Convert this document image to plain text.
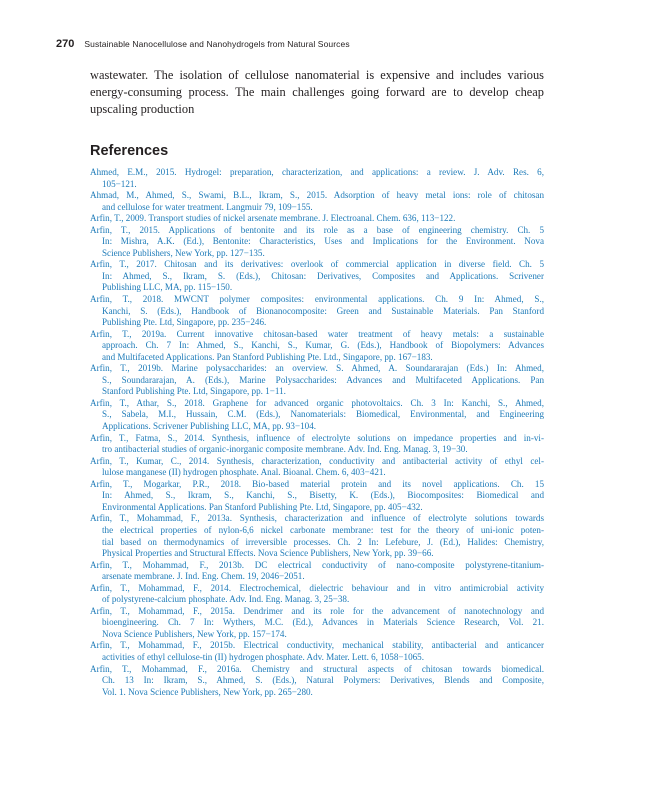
270 Sustainable Nanocellulose and Nanohydrogels from Natural Sources
wastewater. The isolation of cellulose nanomaterial is expensive and includes various
energy-consuming process. The main challenges going forward are to develop cheap
upscaling production
References
Ahmed, E.M., 2015. Hydrogel: preparation, characterization, and applications: a review. J. Adv. Res. 6,
105−121.
Ahmad, M., Ahmed, S., Swami, B.L., Ikram, S., 2015. Adsorption of heavy metal ions: role of chitosan
and cellulose for water treatment. Langmuir 79, 109−155.
Arfin, T., 2009. Transport studies of nickel arsenate membrane. J. Electroanal. Chem. 636, 113−122.
Arfin, T., 2015. Applications of bentonite and its role as a base of engineering chemistry. Ch. 5
In: Mishra, A.K. (Ed.), Bentonite: Characteristics, Uses and Implications for the Environment. Nova
Science Publishers, New York, pp. 127−135.
Arfin, T., 2017. Chitosan and its derivatives: overlook of commercial application in diverse field. Ch. 5
In: Ahmed, S., Ikram, S. (Eds.), Chitosan: Derivatives, Composites and Applications. Scrivener
Publishing LLC, MA, pp. 115−150.
Arfin, T., 2018. MWCNT polymer composites: environmental applications. Ch. 9 In: Ahmed, S.,
Kanchi, S. (Eds.), Handbook of Bionanocomposite: Green and Sustainable Materials. Pan Stanford
Publishing Pte. Ltd, Singapore, pp. 235−246.
Arfin, T., 2019a. Current innovative chitosan-based water treatment of heavy metals: a sustainable
approach. Ch. 7 In: Ahmed, S., Kanchi, S., Kumar, G. (Eds.), Handbook of Biopolymers: Advances
and Multifaceted Applications. Pan Stanford Publishing Pte. Ltd., Singapore, pp. 167−183.
Arfin, T., 2019b. Marine polysaccharides: an overview. S. Ahmed, A. Soundararajan (Eds.) In: Ahmed,
S., Soundararajan, A. (Eds.), Marine Polysaccharides: Advances and Multifaceted Applications. Pan
Stanford Publishing Pte. Ltd, Singapore, pp. 1−11.
Arfin, T., Athar, S., 2018. Graphene for advanced organic photovoltaics. Ch. 3 In: Kanchi, S., Ahmed,
S., Sabela, M.I., Hussain, C.M. (Eds.), Nanomaterials: Biomedical, Environmental, and Engineering
Applications. Scrivener Publishing LLC, MA, pp. 93−104.
Arfin, T., Fatma, S., 2014. Synthesis, influence of electrolyte solutions on impedance properties and in-vi-
tro antibacterial studies of organic-inorganic composite membrane. Adv. Ind. Eng. Manag. 3, 19−30.
Arfin, T., Kumar, C., 2014. Synthesis, characterization, conductivity and antibacterial activity of ethyl cel-
lulose manganese (II) hydrogen phosphate. Anal. Bioanal. Chem. 6, 403−421.
Arfin, T., Mogarkar, P.R., 2018. Bio-based material protein and its novel applications. Ch. 15
In: Ahmed, S., Ikram, S., Kanchi, S., Bisetty, K. (Eds.), Biocomposites: Biomedical and
Environmental Applications. Pan Stanford Publishing Pte. Ltd, Singapore, pp. 405−432.
Arfin, T., Mohammad, F., 2013a. Synthesis, characterization and influence of electrolyte solutions towards
the electrical properties of nylon-6,6 nickel carbonate membrane: test for the theory of uni-ionic poten-
tial based on thermodynamics of irreversible processes. Ch. 2 In: Lefebure, J. (Ed.), Halides: Chemistry,
Physical Properties and Structural Effects. Nova Science Publishers, New York, pp. 39−66.
Arfin, T., Mohammad, F., 2013b. DC electrical conductivity of nano-composite polystyrene-titanium-
arsenate membrane. J. Ind. Eng. Chem. 19, 2046−2051.
Arfin, T., Mohammad, F., 2014. Electrochemical, dielectric behaviour and in vitro antimicrobial activity
of polystyrene-calcium phosphate. Adv. Ind. Eng. Manag. 3, 25−38.
Arfin, T., Mohammad, F., 2015a. Dendrimer and its role for the advancement of nanotechnology and
bioengineering. Ch. 7 In: Wythers, M.C. (Ed.), Advances in Materials Science Research, Vol. 21.
Nova Science Publishers, New York, pp. 157−174.
Arfin, T., Mohammad, F., 2015b. Electrical conductivity, mechanical stability, antibacterial and anticancer
activities of ethyl cellulose-tin (II) hydrogen phosphate. Adv. Mater. Lett. 6, 1058−1065.
Arfin, T., Mohammad, F., 2016a. Chemistry and structural aspects of chitosan towards biomedical.
Ch. 13 In: Ikram, S., Ahmed, S. (Eds.), Natural Polymers: Derivatives, Blends and Composite,
Vol. 1. Nova Science Publishers, New York, pp. 265−280.
